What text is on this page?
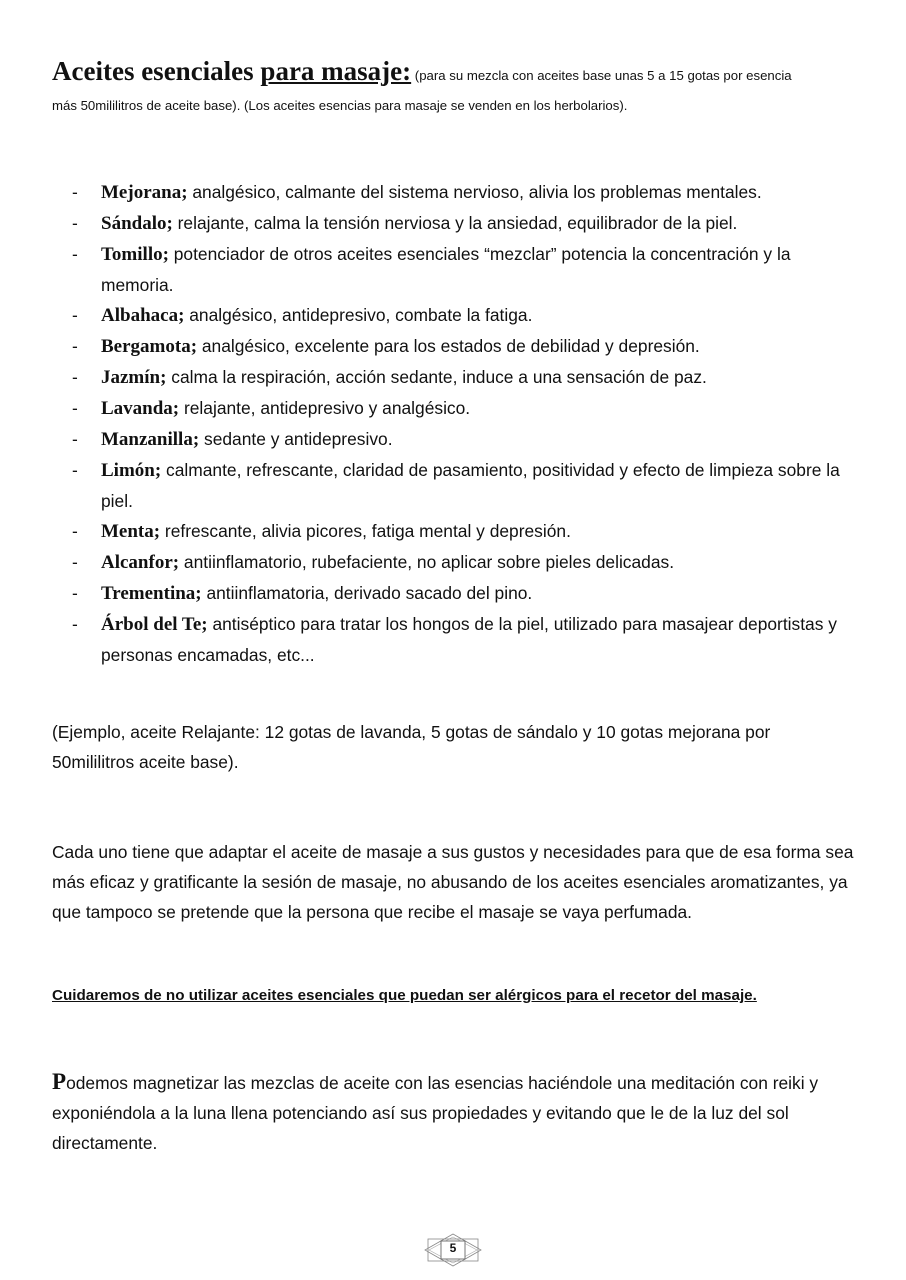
Aceites esenciales para masaje: (para su mezcla con aceites base unas 5 a 15 gotas por esencia
más 50mililitros de aceite base). (Los aceites esencias para masaje se venden en los herbolarios).
- Mejorana; analgésico, calmante del sistema nervioso, alivia los problemas mentales.
- Sándalo; relajante, calma la tensión nerviosa y la ansiedad, equilibrador de la piel.
- Tomillo; potenciador de otros aceites esenciales “mezclar” potencia la concentración y la memoria.
- Albahaca; analgésico, antidepresivo, combate la fatiga.
- Bergamota; analgésico, excelente para los estados de debilidad y depresión.
- Jazmín; calma la respiración, acción sedante, induce a una sensación de paz.
- Lavanda; relajante, antidepresivo y analgésico.
- Manzanilla; sedante y antidepresivo.
- Limón; calmante, refrescante, claridad de pasamiento, positividad y efecto de limpieza sobre la piel.
- Menta; refrescante, alivia picores, fatiga mental y depresión.
- Alcanfor; antiinflamatorio, rubefaciente, no aplicar sobre pieles delicadas.
- Trementina; antiinflamatoria, derivado sacado del pino.
- Árbol del Te; antiséptico para tratar los hongos de la piel, utilizado para masajear deportistas y personas encamadas, etc...

(Ejemplo, aceite Relajante: 12 gotas de lavanda, 5 gotas de sándalo y 10 gotas mejorana por 50mililitros aceite base).

Cada uno tiene que adaptar el aceite de masaje a sus gustos y necesidades para que de esa forma sea más eficaz y gratificante la sesión de masaje, no abusando de los aceites esenciales aromatizantes, ya que tampoco se pretende que la persona que recibe el masaje se vaya perfumada.

Cuidaremos de no utilizar aceites esenciales que puedan ser alérgicos para el recetor del masaje.

Podemos magnetizar las mezclas de aceite con las esencias haciéndole una meditación con reiki y exponiéndola a la luna llena potenciando así sus propiedades y evitando que le de la luz del sol directamente.

5
